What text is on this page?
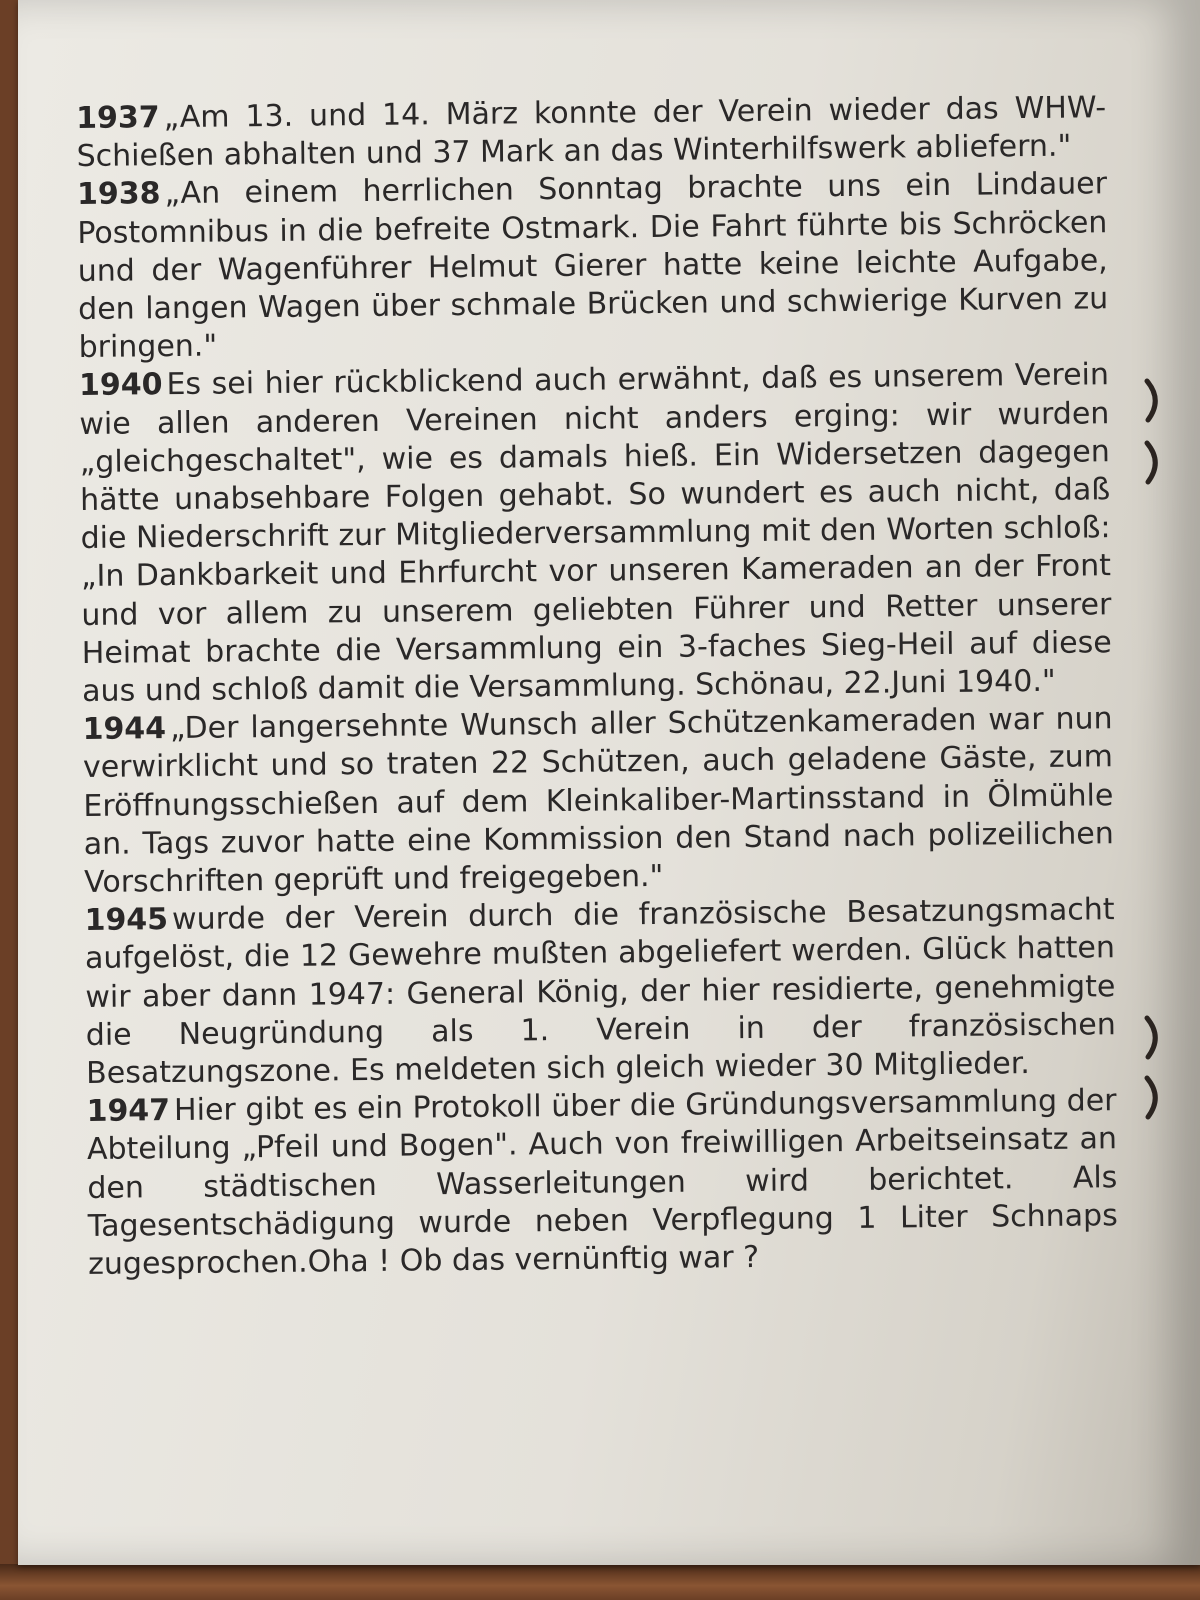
1937 „Am 13. und 14. März konnte der Verein wieder das WHW-Schießen abhalten und 37 Mark an das Winterhilfswerk abliefern."

1938 „An einem herrlichen Sonntag brachte uns ein Lindauer Postomnibus in die befreite Ostmark. Die Fahrt führte bis Schröcken und der Wagenführer Helmut Gierer hatte keine leichte Aufgabe, den langen Wagen über schmale Brücken und schwierige Kurven zu bringen."

1940 Es sei hier rückblickend auch erwähnt, daß es unserem Verein wie allen anderen Vereinen nicht anders erging: wir wurden „gleichgeschaltet", wie es damals hieß. Ein Widersetzen dagegen hätte unabsehbare Folgen gehabt. So wundert es auch nicht, daß die Niederschrift zur Mitgliederversammlung mit den Worten schloß: „In Dankbarkeit und Ehrfurcht vor unseren Kameraden an der Front und vor allem zu unserem geliebten Führer und Retter unserer Heimat brachte die Versammlung ein 3-faches Sieg-Heil auf diese aus und schloß damit die Versammlung. Schönau, 22.Juni 1940."

1944 „Der langersehnte Wunsch aller Schützenkameraden war nun verwirklicht und so traten 22 Schützen, auch geladene Gäste, zum Eröffnungsschießen auf dem Kleinkaliber-Martinsstand in Ölmühle an. Tags zuvor hatte eine Kommission den Stand nach polizeilichen Vorschriften geprüft und freigegeben."

1945 wurde der Verein durch die französische Besatzungsmacht aufgelöst, die 12 Gewehre mußten abgeliefert werden. Glück hatten wir aber dann 1947: General König, der hier residierte, genehmigte die Neugründung als 1. Verein in der französischen Besatzungszone. Es meldeten sich gleich wieder 30 Mitglieder.

1947 Hier gibt es ein Protokoll über die Gründungsversammlung der Abteilung „Pfeil und Bogen". Auch von freiwilligen Arbeitseinsatz an den städtischen Wasserleitungen wird berichtet. Als Tagesentschädigung wurde neben Verpflegung 1 Liter Schnaps zugesprochen.Oha ! Ob das vernünftig war ?
